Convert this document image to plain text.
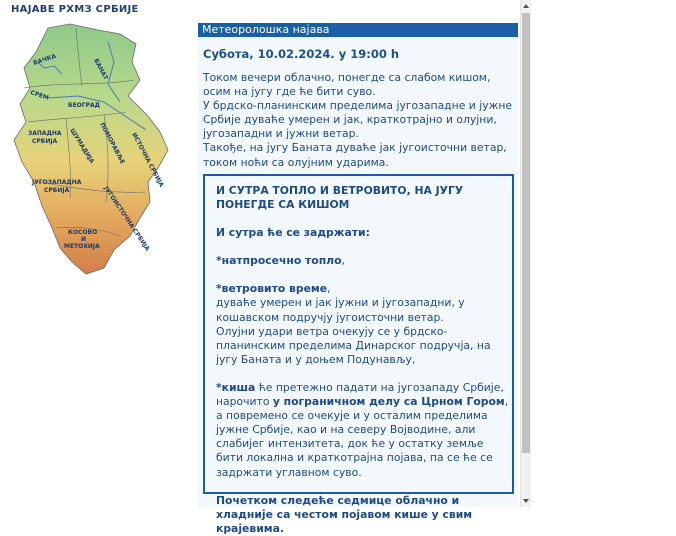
НАЈАВЕ РХМЗ СРБИЈЕ
БАЧКА	БАНАТ
СРЕМ
БЕОГРАД
ЗАПАДНА
СРБИЈА ШУМАДИЈА ПОМОРАВЉЕ ИСТОЧНА СРБИЈА
ЈУГОЗАПАДНА
СРБИЈА	ЈУГОИСТОЧНА СРБИЈА
КОСОВО
И
МЕТОХИЈА
Метеоролошка најава
Субота, 10.02.2024. у 19:00 h
Током вечери облачно, понегде са слабом кишом, осим на југу где ће бити суво.
У брдско-планинским пределима југозападне и јужне Србије дуваће умерен и јак, краткотрајно и олујни, југозападни и јужни ветар.
Такође, на југу Баната дуваће јак југоисточни ветар, током ноћи са олујним ударима.
И СУТРА ТОПЛО И ВЕТРОВИТО, НА ЈУГУ ПОНЕГДЕ СА КИШОМ
И сутра ће се задржати:
*натпросечно топло,
*ветровито време,
дуваће умерен и јак јужни и југозападни, у кошавском подручју југоисточни ветар.
Олујни удари ветра очекују се у брдско-планинским пределима Динарског подручја, на југу Баната и у доњем Подунављу,
*киша ће претежно падати на југозападу Србије, нарочито у пограничном делу са Црном Гором, а повремено се очекује и у осталим пределима јужне Србије, као и на северу Војводине, али слабијег интензитета, док ће у остатку земље бити локална и краткотрајна појава, па се ће се задржати углавном суво.
Почетком следеће седмице облачно и хладније са честом појавом кише у свим крајевима.
